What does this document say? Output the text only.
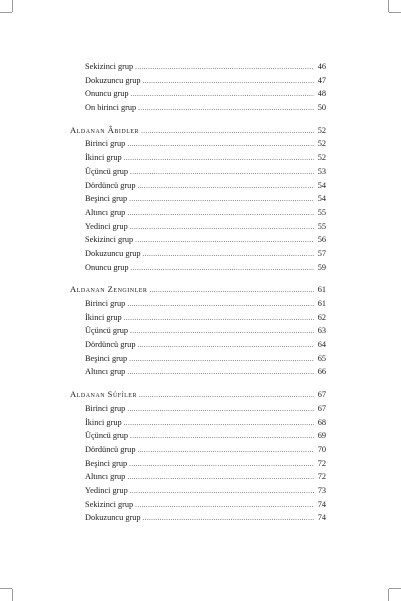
Sekizinci grup .....	46
Dokuzuncu grup .....	47
Onuncu grup .....	48
On birinci grup .....	50
Aldanan Âbidler .....	52
Birinci grup .....	52
İkinci grup .....	52
Üçüncü grup .....	53
Dördüncü grup .....	54
Beşinci grup .....	54
Altıncı grup .....	55
Yedinci grup .....	55
Sekizinci grup .....	56
Dokuzuncu grup .....	57
Onuncu grup .....	59
Aldanan Zenginler .....	61
Birinci grup .....	61
İkinci grup .....	62
Üçüncü grup .....	63
Dördüncü grup .....	64
Beşinci grup .....	65
Altıncı grup .....	66
Aldanan Sûfîler .....	67
Birinci grup .....	67
İkinci grup .....	68
Üçüncü grup .....	69
Dördüncü grup .....	70
Beşinci grup .....	72
Altıncı grup .....	72
Yedinci grup .....	73
Sekizinci grup .....	74
Dokuzuncu grup .....	74
